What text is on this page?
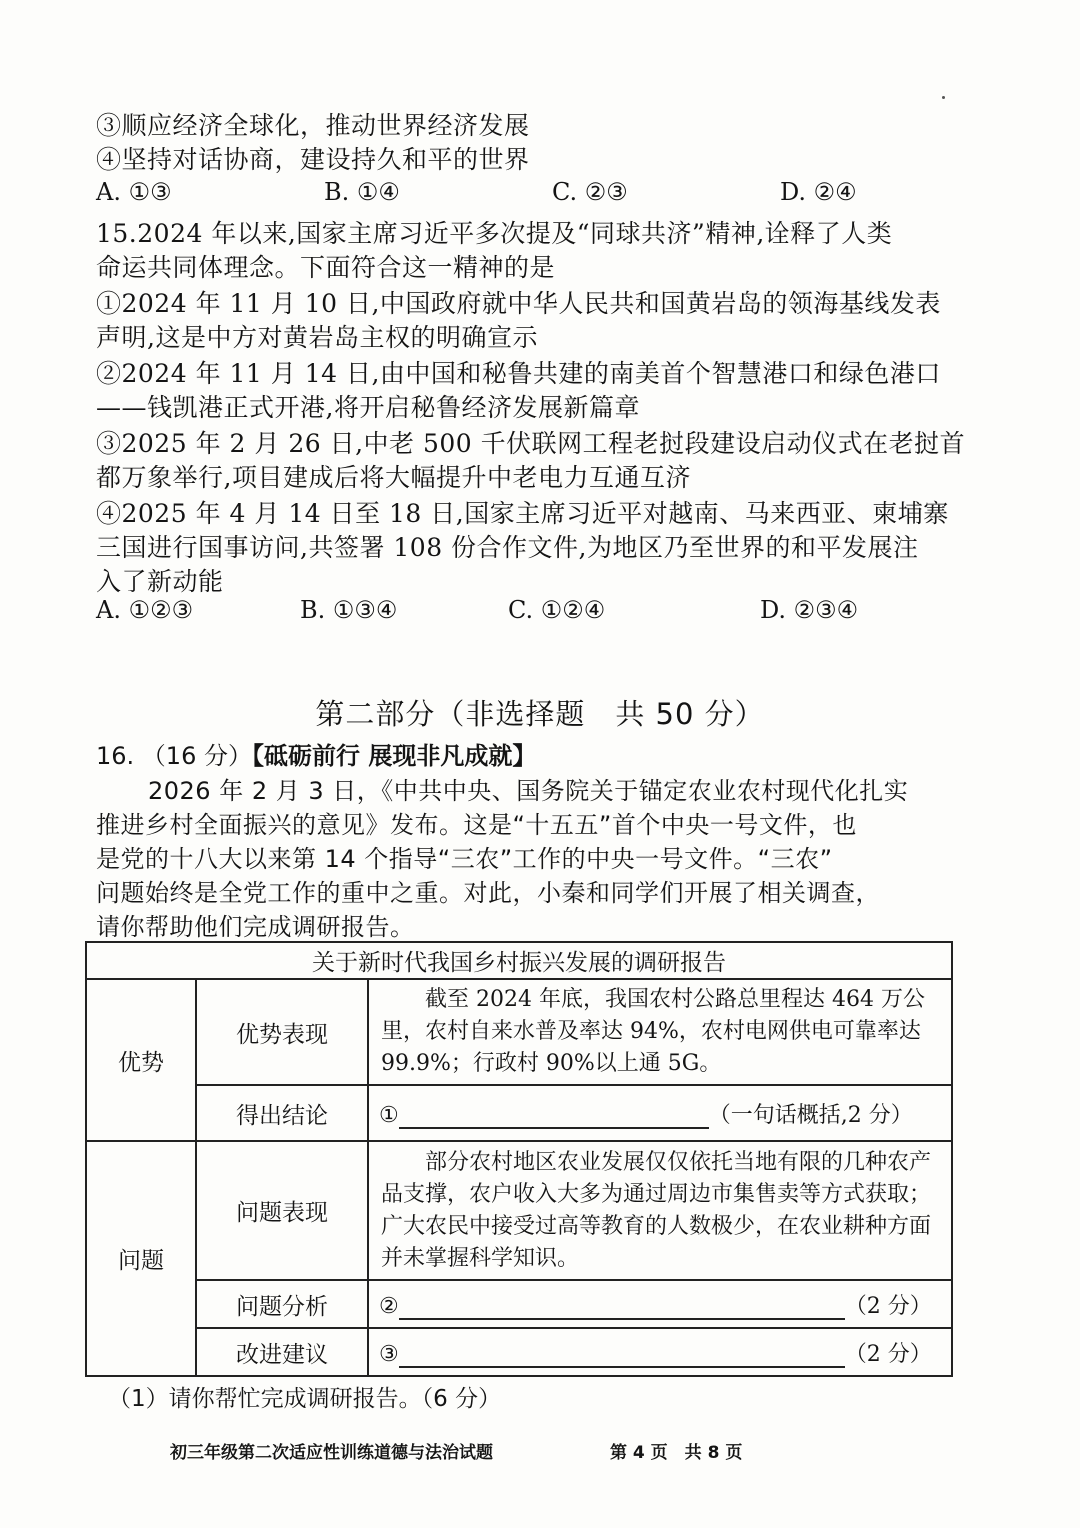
③顺应经济全球化，推动世界经济发展
④坚持对话协商，建设持久和平的世界
A. ①③	B. ①④	C. ②③	D. ②④
15.2024 年以来,国家主席习近平多次提及“同球共济”精神,诠释了人类
命运共同体理念。下面符合这一精神的是
①2024 年 11 月 10 日,中国政府就中华人民共和国黄岩岛的领海基线发表
声明,这是中方对黄岩岛主权的明确宣示
②2024 年 11 月 14 日,由中国和秘鲁共建的南美首个智慧港口和绿色港口
——钱凯港正式开港,将开启秘鲁经济发展新篇章
③2025 年 2 月 26 日,中老 500 千伏联网工程老挝段建设启动仪式在老挝首
都万象举行,项目建成后将大幅提升中老电力互通互济
④2025 年 4 月 14 日至 18 日,国家主席习近平对越南、马来西亚、柬埔寨
三国进行国事访问,共签署 108 份合作文件,为地区乃至世界的和平发展注
入了新动能
A. ①②③	B. ①③④	C. ①②④	D. ②③④
第二部分（非选择题　共 50 分）
16. （16 分）【砥砺前行 展现非凡成就】
2026 年 2 月 3 日，《中共中央、国务院关于锚定农业农村现代化扎实
推进乡村全面振兴的意见》发布。这是“十五五”首个中央一号文件，也
是党的十八大以来第 14 个指导“三农”工作的中央一号文件。“三农”
问题始终是全党工作的重中之重。对此，小秦和同学们开展了相关调查，
请你帮助他们完成调研报告。
关于新时代我国乡村振兴发展的调研报告		
优势	优势表现	截至 2024 年底，我国农村公路总里程达 464 万公里，农村自来水普及率达 94%，农村电网供电可靠率达 99.9%；行政村 90%以上通 5G。

	得出结论	① （一句话概括,2 分）
问题	问题表现	部分农村地区农业发展仅仅依托当地有限的几种农产品支撑，农户收入大多为通过周边市集售卖等方式获取；广大农民中接受过高等教育的人数极少，在农业耕种方面并未掌握科学知识。

	问题分析	② （2 分）
	改进建议	③ （2 分）
（1）请你帮忙完成调研报告。（6 分）
初三年级第二次适应性训练道德与法治试题	第 4 页　共 8 页
